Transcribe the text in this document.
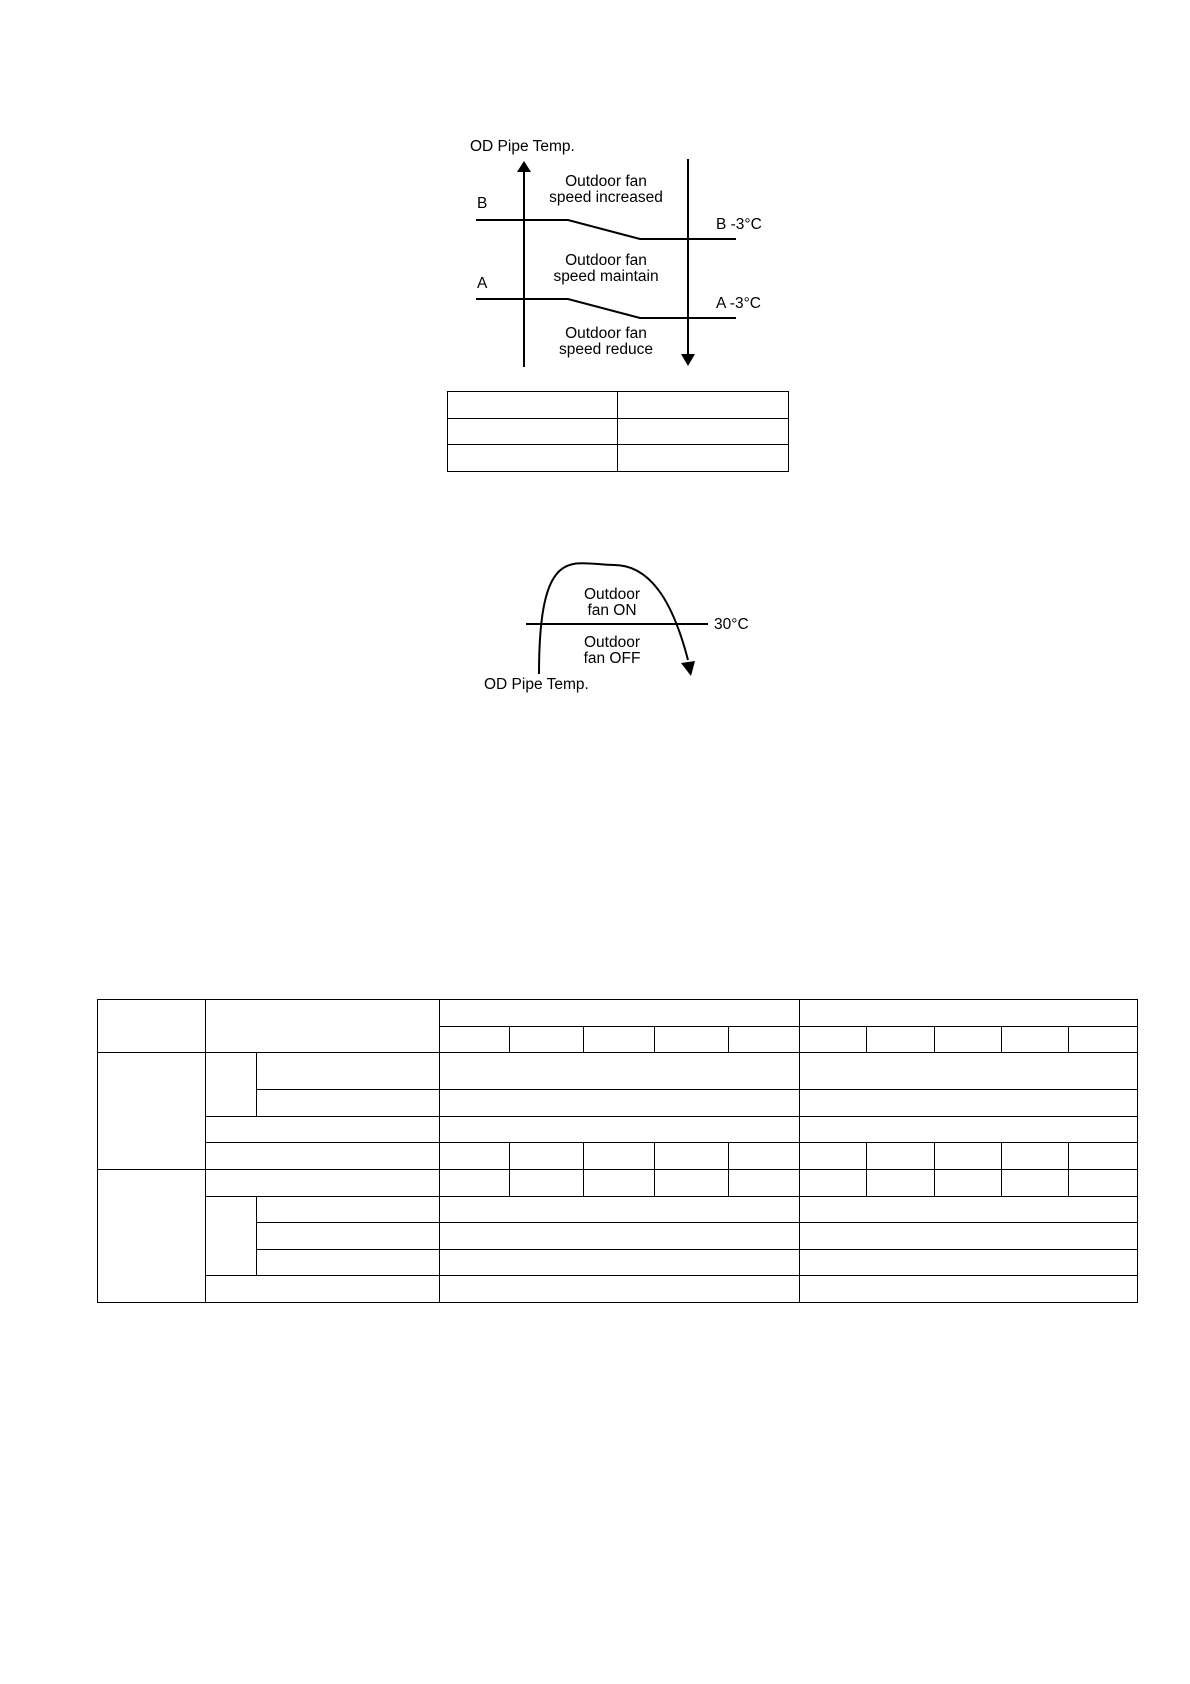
OD Pipe Temp.
B
A
B -3°C
A -3°C
Outdoor fan
speed increased
Outdoor fan
speed maintain
Outdoor fan
speed reduce

Outdoor
fan ON
Outdoor
fan OFF
30°C
OD Pipe Temp.
